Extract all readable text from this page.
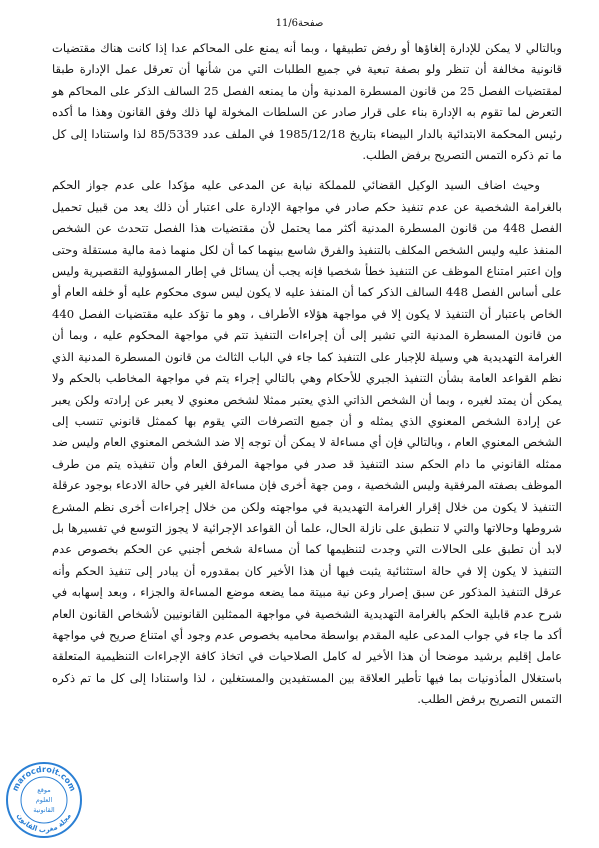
صفحة11/6

وبالتالي لا يمكن للإدارة إلغاؤها أو رفض تطبيقها ، وبما أنه يمنع على المحاكم عدا إذا كانت هناك مقتضيات قانونية مخالفة أن تنظر ولو بصفة تبعية في جميع الطلبات التي من شأنها أن تعرقل عمل الإدارة طبقا لمقتضيات الفصل 25 من قانون المسطرة المدنية وأن ما يمنعه الفصل 25 السالف الذكر على المحاكم هو التعرض لما تقوم به الإدارة بناء على قرار صادر عن السلطات المخولة لها ذلك وفق القانون وهذا ما أكده رئيس المحكمة الابتدائية بالدار البيضاء بتاريخ 1985/12/18 في الملف عدد 85/5339 لذا واستنادا إلى كل ما تم ذكره التمس التصريح برفض الطلب.

وحيث اضاف السيد الوكيل القضائي للمملكة نيابة عن المدعى عليه مؤكدا على عدم جواز الحكم بالغرامة الشخصية عن عدم تنفيذ حكم صادر في مواجهة الإدارة على اعتبار أن ذلك يعد من قبيل تحميل الفصل 448 من قانون المسطرة المدنية أكثر مما يحتمل لأن مقتضيات هذا الفصل تتحدث عن الشخص المنفذ عليه وليس الشخص المكلف بالتنفيذ والفرق شاسع بينهما كما أن لكل منهما ذمة مالية مستقلة وحتى وإن اعتبر امتناع الموظف عن التنفيذ خطأ شخصيا فإنه يجب أن يسائل في إطار المسؤولية التقصيرية وليس على أساس الفصل 448 السالف الذكر كما أن المنفذ عليه لا يكون ليس سوى محكوم عليه أو خلفه العام أو الخاص باعتبار أن التنفيذ لا يكون إلا في مواجهة هؤلاء الأطراف ، وهو ما تؤكد عليه مقتضيات الفصل 440 من قانون المسطرة المدنية التي تشير إلى أن إجراءات التنفيذ تتم في مواجهة المحكوم عليه ، وبما أن الغرامة التهديدية هي وسيلة للإجبار على التنفيذ كما جاء في الباب الثالث من قانون المسطرة المدنية الذي نظم القواعد العامة بشأن التنفيذ الجبري للأحكام وهي بالتالي إجراء يتم في مواجهة المخاطب بالحكم ولا يمكن أن يمتد لغيره ، وبما أن الشخص الذاتي الذي يعتبر ممثلا لشخص معنوي لا يعبر عن إرادته ولكن يعبر عن إرادة الشخص المعنوي الذي يمثله و أن جميع التصرفات التي يقوم بها كممثل قانوني تنسب إلى الشخص المعنوي العام ، وبالتالي فإن أي مساءلة لا يمكن أن توجه إلا ضد الشخص المعنوي العام وليس ضد ممثله القانوني ما دام الحكم سند التنفيذ قد صدر في مواجهة المرفق العام وأن تنفيذه يتم من طرف الموظف بصفته المرفقية وليس الشخصية ، ومن جهة أخرى فإن مساءلة الغير في حالة الادعاء بوجود عرقلة التنفيذ لا يكون من خلال إقرار الغرامة التهديدية في مواجهته ولكن من خلال إجراءات أخرى نظم المشرع شروطها وحالاتها والتي لا تنطبق على نازلة الحال، علما أن القواعد الإجرائية لا يجوز التوسع في تفسيرها بل لابد أن تطبق على الحالات التي وجدت لتنظيمها كما أن مساءلة شخص أجنبي عن الحكم بخصوص عدم التنفيذ لا يكون إلا في حالة استثنائية يثبت فيها أن هذا الأخير كان بمقدوره أن يبادر إلى تنفيذ الحكم وأنه عرقل التنفيذ المذكور عن سبق إصرار وعن نية مبيتة مما يضعه موضع المساءلة والجزاء ، وبعد إسهابه في شرح عدم قابلية الحكم بالغرامة التهديدية الشخصية في مواجهة الممثلين القانونيين لأشخاص القانون العام أكد ما جاء في جواب المدعى عليه المقدم بواسطة محاميه بخصوص عدم وجود أي امتناع صريح في مواجهة عامل إقليم برشيد موضحا أن هذا الأخير له كامل الصلاحيات في اتخاذ كافة الإجراءات التنظيمية المتعلقة باستغلال المأذونيات بما فيها تأطير العلاقة بين المستفيدين والمستغلين ، لذا واستنادا إلى كل ما تم ذكره التمس التصريح برفض الطلب.

marocdroit.com
مجلة مغرب القانون
موقع
العلوم
القانونية
